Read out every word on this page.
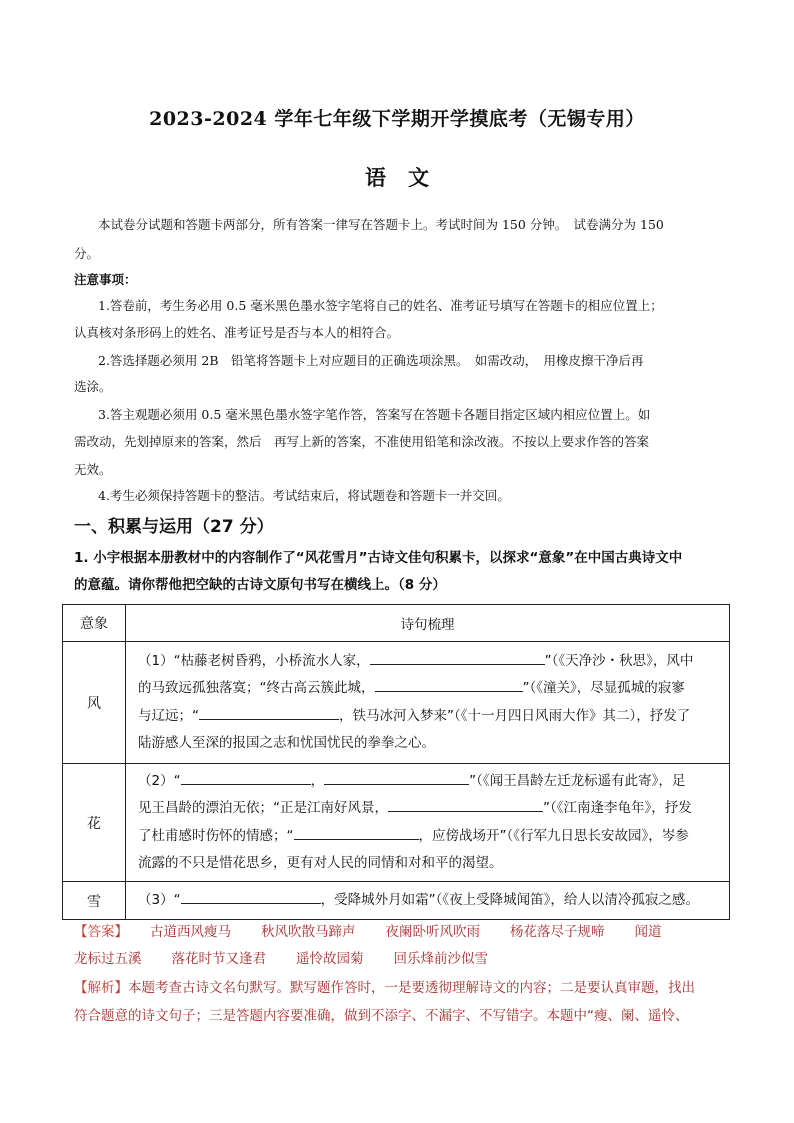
2023-2024 学年七年级下学期开学摸底考（无锡专用）
语文
本试卷分试题和答题卡两部分，所有答案一律写在答题卡上。考试时间为 150 分钟。　试卷满分为 150
分。
注意事项：
1.答卷前，考生务必用 0.5 毫米黑色墨水签字笔将自己的姓名、准考证号填写在答题卡的相应位置上；
认真核对条形码上的姓名、准考证号是否与本人的相符合。
2.答选择题必须用 2B　铅笔将答题卡上对应题目的正确选项涂黑。　如需改动，　用橡皮擦干净后再
选涂。
3.答主观题必须用 0.5 毫米黑色墨水签字笔作答，答案写在答题卡各题目指定区域内相应位置上。如
需改动，先划掉原来的答案，然后　再写上新的答案，不准使用铅笔和涂改液。不按以上要求作答的答案
无效。
4.考生必须保持答题卡的整洁。考试结束后，将试题卷和答题卡一并交回。
一、积累与运用（27 分）
1. 小宇根据本册教材中的内容制作了“风花雪月”古诗文佳句积累卡，以探求“意象”在中国古典诗文中
的意蕴。请你帮他把空缺的古诗文原句书写在横线上。（8 分）
意象	诗句梳理
风	（1）“枯藤老树昏鸦，小桥流水人家， ”（《天净沙・秋思》，风中
的马致远孤独落寞；“终古高云簇此城， ”（《潼关》，尽显孤城的寂寥
与辽远；“ ，铁马冰河入梦来”（《十一月四日风雨大作》其二），抒发了
陆游感人至深的报国之志和忧国忧民的拳拳之心。
花	（2）“ ， ”（《闻王昌龄左迁龙标遥有此寄》，足
见王昌龄的漂泊无依；“正是江南好风景， ”（《江南逢李龟年》，抒发
了杜甫感时伤怀的情感；“ ，应傍战场开”（《行军九日思长安故园》，岑参
流露的不只是惜花思乡，更有对人民的同情和对和平的渴望。
雪	（3）“ ，受降城外月如霜”（《夜上受降城闻笛》，给人以清冷孤寂之感。
【答案】 古道西风瘦马 秋风吹散马蹄声 夜阑卧听风吹雨 杨花落尽子规啼 闻道
龙标过五溪 落花时节又逢君 遥怜故园菊 回乐烽前沙似雪
【解析】本题考查古诗文名句默写。默写题作答时，一是要透彻理解诗文的内容；二是要认真审题，找出
符合题意的诗文句子；三是答题内容要准确，做到不添字、不漏字、不写错字。本题中“瘦、阑、遥怜、
